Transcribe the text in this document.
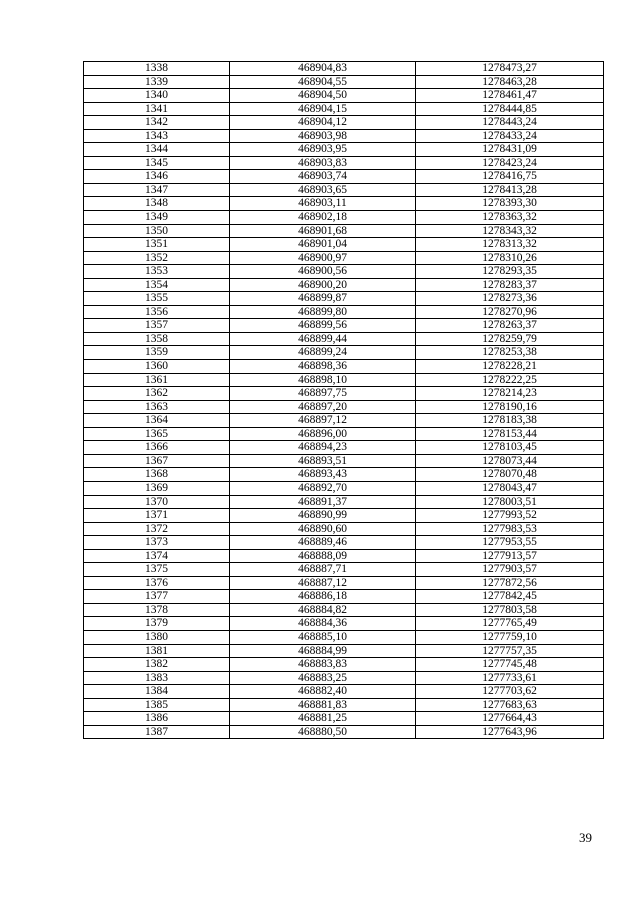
1338	468904,83	1278473,27
1339	468904,55	1278463,28
1340	468904,50	1278461,47
1341	468904,15	1278444,85
1342	468904,12	1278443,24
1343	468903,98	1278433,24
1344	468903,95	1278431,09
1345	468903,83	1278423,24
1346	468903,74	1278416,75
1347	468903,65	1278413,28
1348	468903,11	1278393,30
1349	468902,18	1278363,32
1350	468901,68	1278343,32
1351	468901,04	1278313,32
1352	468900,97	1278310,26
1353	468900,56	1278293,35
1354	468900,20	1278283,37
1355	468899,87	1278273,36
1356	468899,80	1278270,96
1357	468899,56	1278263,37
1358	468899,44	1278259,79
1359	468899,24	1278253,38
1360	468898,36	1278228,21
1361	468898,10	1278222,25
1362	468897,75	1278214,23
1363	468897,20	1278190,16
1364	468897,12	1278183,38
1365	468896,00	1278153,44
1366	468894,23	1278103,45
1367	468893,51	1278073,44
1368	468893,43	1278070,48
1369	468892,70	1278043,47
1370	468891,37	1278003,51
1371	468890,99	1277993,52
1372	468890,60	1277983,53
1373	468889,46	1277953,55
1374	468888,09	1277913,57
1375	468887,71	1277903,57
1376	468887,12	1277872,56
1377	468886,18	1277842,45
1378	468884,82	1277803,58
1379	468884,36	1277765,49
1380	468885,10	1277759,10
1381	468884,99	1277757,35
1382	468883,83	1277745,48
1383	468883,25	1277733,61
1384	468882,40	1277703,62
1385	468881,83	1277683,63
1386	468881,25	1277664,43
1387	468880,50	1277643,96
39
